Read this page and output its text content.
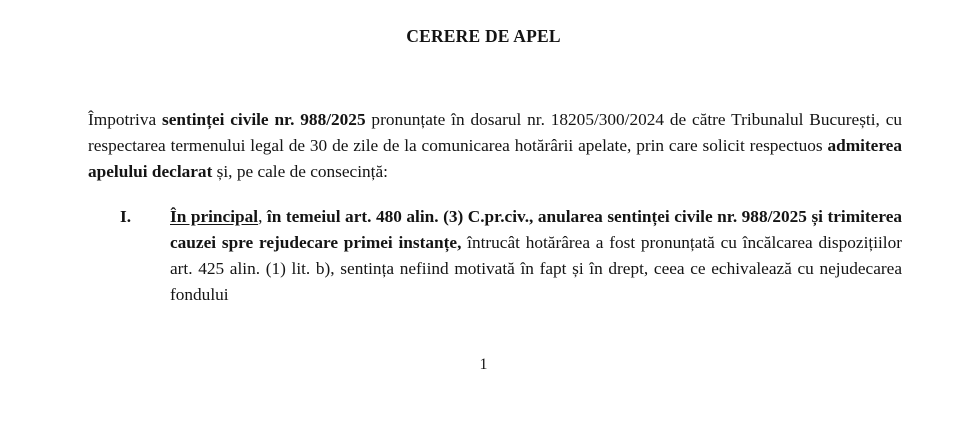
CERERE DE APEL

Împotriva sentinței civile nr. 988/2025 pronunțate în dosarul nr. 18205/300/2024 de către Tribunalul București, cu respectarea termenului legal de 30 de zile de la comunicarea hotărârii apelate, prin care solicit respectuos admiterea apelului declarat și, pe cale de consecință:

I. În principal, în temeiul art. 480 alin. (3) C.pr.civ., anularea sentinței civile nr. 988/2025 și trimiterea cauzei spre rejudecare primei instanțe, întrucât hotărârea a fost pronunțată cu încălcarea dispozițiilor art. 425 alin. (1) lit. b), sentința nefiind motivată în fapt și în drept, ceea ce echivalează cu nejudecarea fondului

1
